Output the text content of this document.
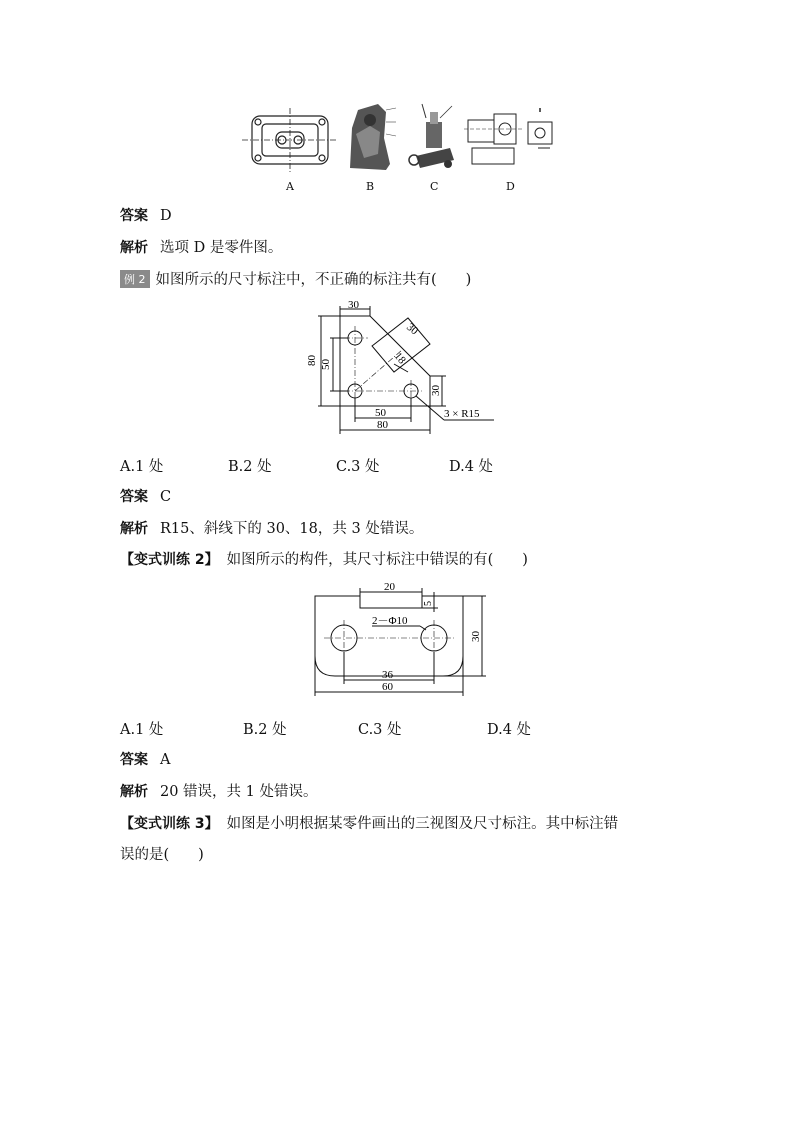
A	B	C	D
答案 D
解析 选项 D 是零件图。
例 2 如图所示的尺寸标注中，不正确的标注共有(　　)
30
80 50
30
18
30
50
80
3 × R15
A.1 处	B.2 处	C.3 处	D.4 处
答案 C
解析 R15、斜线下的 30、18，共 3 处错误。
【变式训练 2】 如图所示的构件，其尺寸标注中错误的有(　　)
20
5
2－Φ10
30
36
60
A.1 处	B.2 处	C.3 处	D.4 处
答案 A
解析 20 错误，共 1 处错误。
【变式训练 3】 如图是小明根据某零件画出的三视图及尺寸标注。其中标注错
误的是(　　)
